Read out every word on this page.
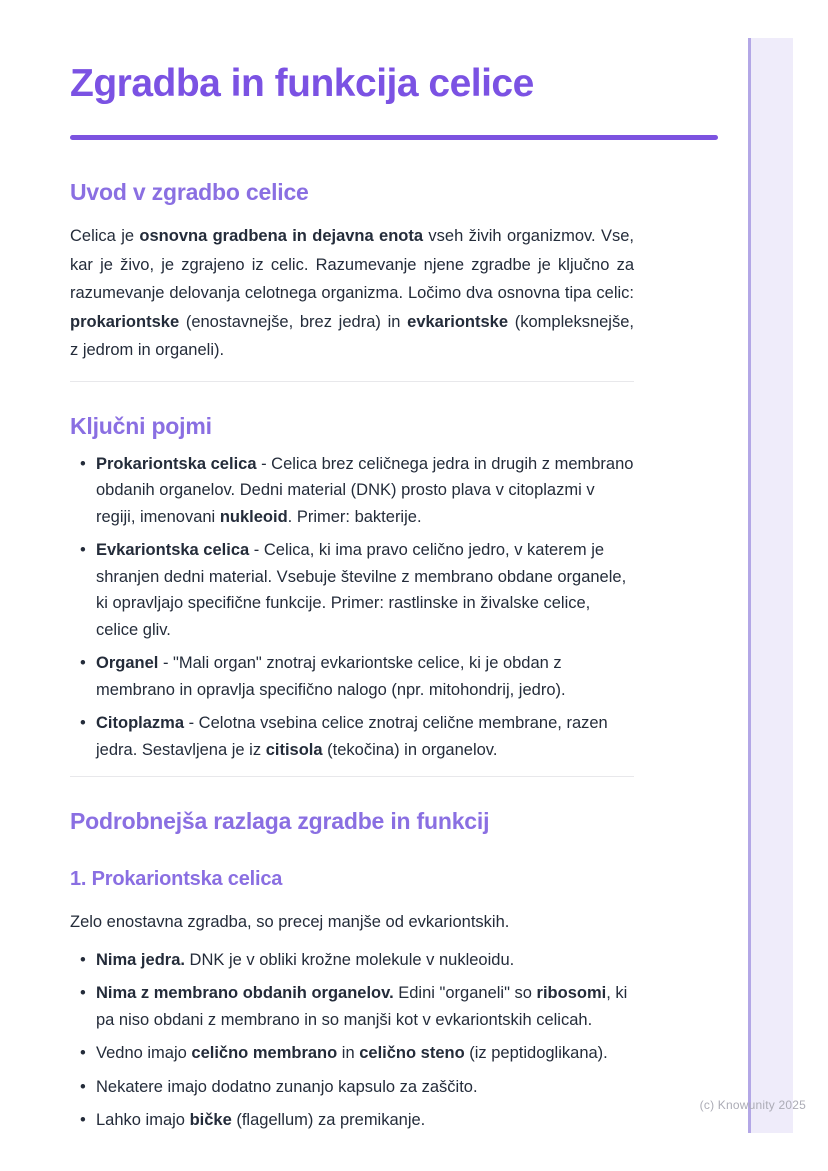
Zgradba in funkcija celice
Uvod v zgradbo celice

Celica je osnovna gradbena in dejavna enota vseh živih organizmov. Vse, kar je živo, je zgrajeno iz celic. Razumevanje njene zgradbe je ključno za razumevanje delovanja celotnega organizma. Ločimo dva osnovna tipa celic: prokariontske (enostavnejše, brez jedra) in evkariontske (kompleksnejše, z jedrom in organeli).

Ključni pojmi
• Prokariontska celica - Celica brez celičnega jedra in drugih z membrano obdanih organelov. Dedni material (DNK) prosto plava v citoplazmi v regiji, imenovani nukleoid. Primer: bakterije.
• Evkariontska celica - Celica, ki ima pravo celično jedro, v katerem je shranjen dedni material. Vsebuje številne z membrano obdane organele, ki opravljajo specifične funkcije. Primer: rastlinske in živalske celice, celice gliv.
• Organel - "Mali organ" znotraj evkariontske celice, ki je obdan z membrano in opravlja specifično nalogo (npr. mitohondrij, jedro).
• Citoplazma - Celotna vsebina celice znotraj celične membrane, razen jedra. Sestavljena je iz citisola (tekočina) in organelov.
Podrobnejša razlaga zgradbe in funkcij
1. Prokariontska celica

Zelo enostavna zgradba, so precej manjše od evkariontskih.

• Nima jedra. DNK je v obliki krožne molekule v nukleoidu.
• Nima z membrano obdanih organelov. Edini "organeli" so ribosomi, ki pa niso obdani z membrano in so manjši kot v evkariontskih celicah.
• Vedno imajo celično membrano in celično steno (iz peptidoglikana).
• Nekatere imajo dodatno zunanjo kapsulo za zaščito.
• Lahko imajo bičke (flagellum) za premikanje.
(c) Knowunity 2025
